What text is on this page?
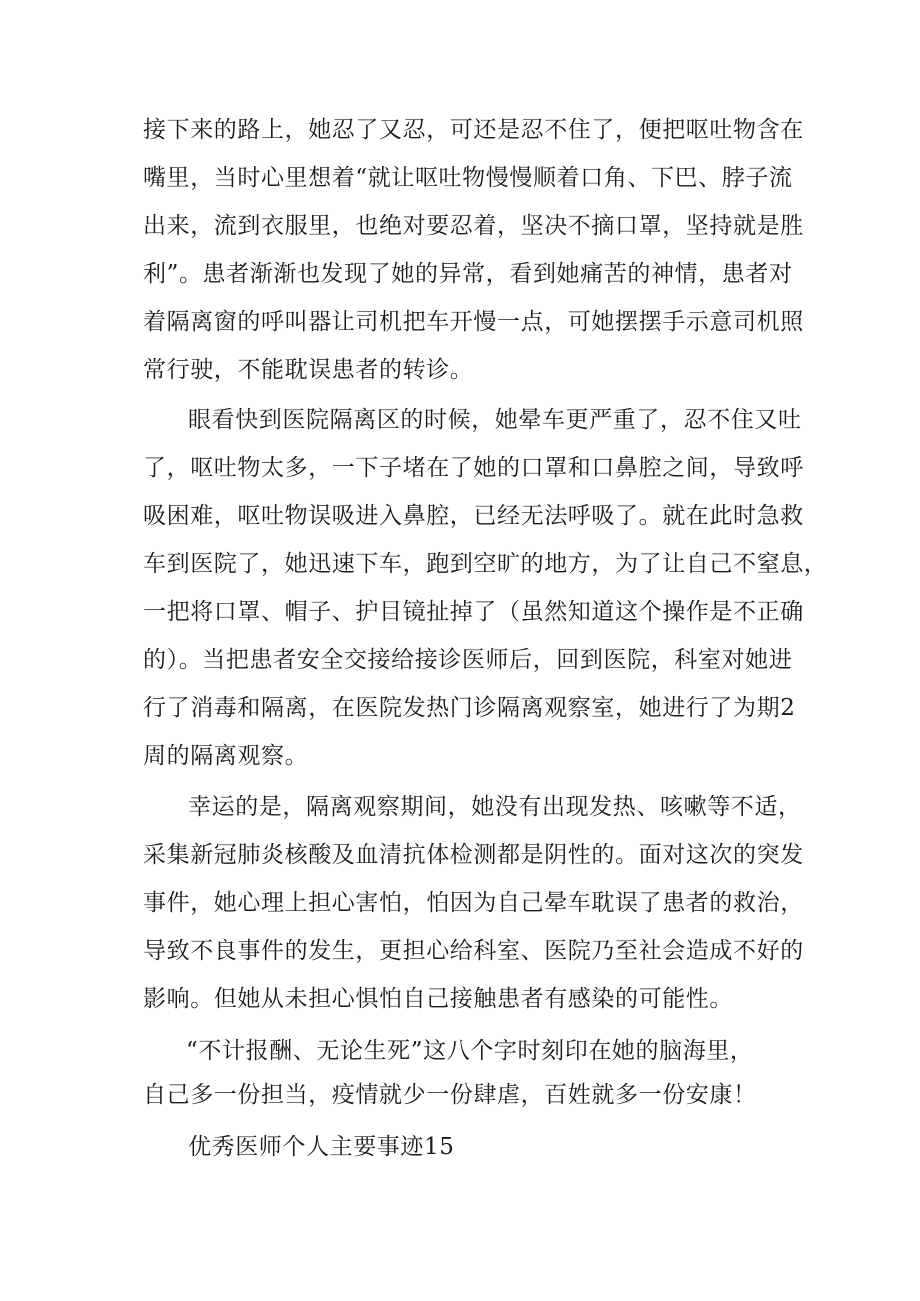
接下来的路上，她忍了又忍，可还是忍不住了，便把呕吐物含在
嘴里，当时心里想着“就让呕吐物慢慢顺着口角、下巴、脖子流
出来，流到衣服里，也绝对要忍着，坚决不摘口罩，坚持就是胜
利”。患者渐渐也发现了她的异常，看到她痛苦的神情，患者对
着隔离窗的呼叫器让司机把车开慢一点，可她摆摆手示意司机照
常行驶，不能耽误患者的转诊。
眼看快到医院隔离区的时候，她晕车更严重了，忍不住又吐
了，呕吐物太多，一下子堵在了她的口罩和口鼻腔之间，导致呼
吸困难，呕吐物误吸进入鼻腔，已经无法呼吸了。就在此时急救
车到医院了，她迅速下车，跑到空旷的地方，为了让自己不窒息，
一把将口罩、帽子、护目镜扯掉了（虽然知道这个操作是不正确
的）。当把患者安全交接给接诊医师后，回到医院，科室对她进
行了消毒和隔离，在医院发热门诊隔离观察室，她进行了为期2
周的隔离观察。
幸运的是，隔离观察期间，她没有出现发热、咳嗽等不适，
采集新冠肺炎核酸及血清抗体检测都是阴性的。面对这次的突发
事件，她心理上担心害怕，怕因为自己晕车耽误了患者的救治，
导致不良事件的发生，更担心给科室、医院乃至社会造成不好的
影响。但她从未担心惧怕自己接触患者有感染的可能性。
“不计报酬、无论生死”这八个字时刻印在她的脑海里，
自己多一份担当，疫情就少一份肆虐，百姓就多一份安康！
优秀医师个人主要事迹15
